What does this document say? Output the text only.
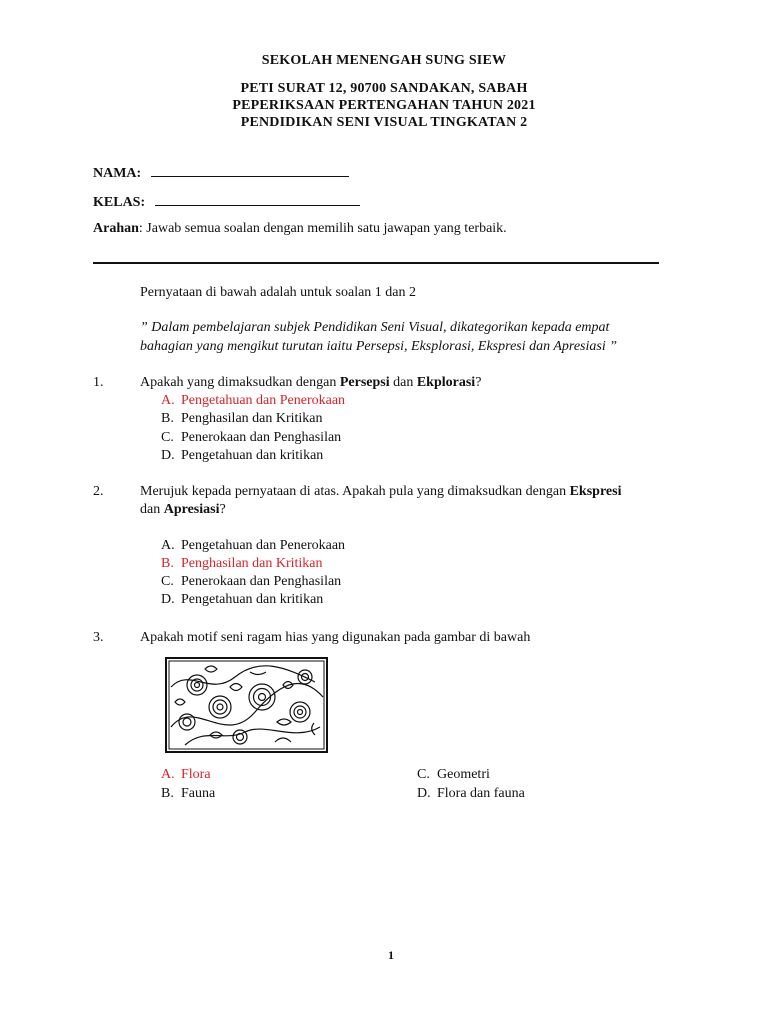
SEKOLAH MENENGAH SUNG SIEW
PETI SURAT 12, 90700 SANDAKAN, SABAH
PEPERIKSAAN PERTENGAHAN TAHUN 2021
PENDIDIKAN SENI VISUAL TINGKATAN 2
NAMA:
KELAS:
Arahan: Jawab semua soalan dengan memilih satu jawapan yang terbaik.
Pernyataan di bawah adalah untuk soalan 1 dan 2
” Dalam pembelajaran subjek Pendidikan Seni Visual, dikategorikan kepada empat
bahagian yang mengikut turutan iaitu Persepsi, Eksplorasi, Ekspresi dan Apresiasi ”
1.	Apakah yang dimaksudkan dengan Persepsi dan Ekplorasi?
A. Pengetahuan dan Penerokaan
B. Penghasilan dan Kritikan
C. Penerokaan dan Penghasilan
D. Pengetahuan dan kritikan
2.	Merujuk kepada pernyataan di atas. Apakah pula yang dimaksudkan dengan Ekspresi
dan Apresiasi?
A. Pengetahuan dan Penerokaan
B. Penghasilan dan Kritikan
C. Penerokaan dan Penghasilan
D. Pengetahuan dan kritikan
3.	Apakah motif seni ragam hias yang digunakan pada gambar di bawah
A. Flora
B. Fauna
C. Geometri
D. Flora dan fauna
1
